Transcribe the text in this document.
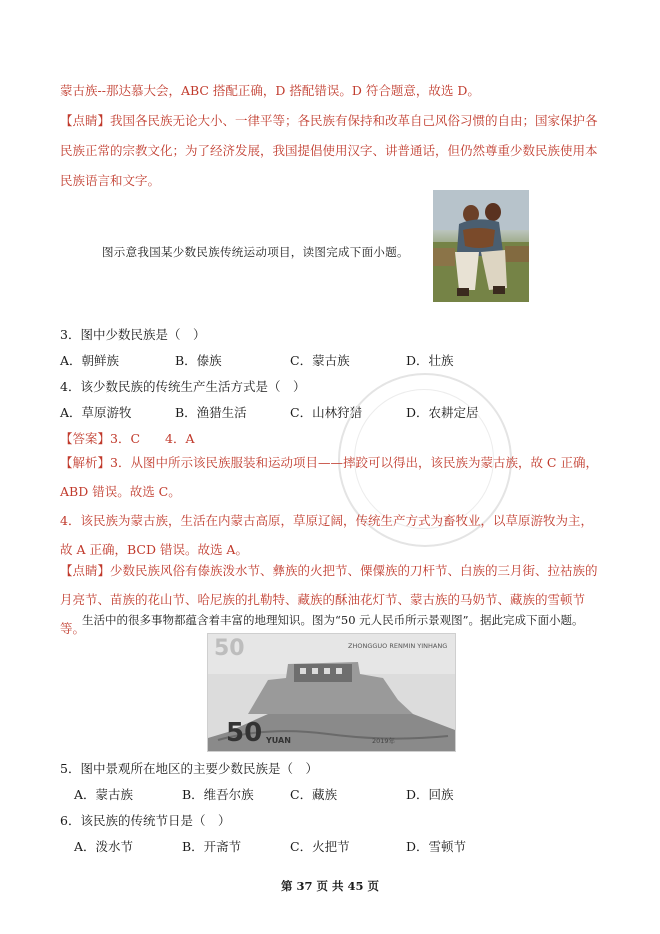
蒙古族--那达慕大会，ABC 搭配正确，D 搭配错误。D 符合题意，故选 D。
【点睛】我国各民族无论大小、一律平等；各民族有保持和改革自己风俗习惯的自由；国家保护各民族正常的宗教文化；为了经济发展，我国提倡使用汉字、讲普通话，但仍然尊重少数民族使用本民族语言和文字。
图示意我国某少数民族传统运动项目，读图完成下面小题。
3．图中少数民族是（　）
A．朝鲜族	B．傣族	C．蒙古族	D．壮族
4．该少数民族的传统生产生活方式是（　）
A．草原游牧	B．渔猎生活	C．山林狩猎	D．农耕定居
【答案】3．C　　4．A
【解析】3．从图中所示该民族服装和运动项目——摔跤可以得出，该民族为蒙古族，故 C 正确， ABD 错误。故选 C。
4．该民族为蒙古族，生活在内蒙古高原，草原辽阔，传统生产方式为畜牧业，以草原游牧为主，故 A 正确，BCD 错误。故选 A。
【点睛】少数民族风俗有傣族泼水节、彝族的火把节、傈僳族的刀杆节、白族的三月街、拉祜族的月亮节、苗族的花山节、哈尼族的扎勒特、藏族的酥油花灯节、蒙古族的马奶节、藏族的雪顿节等。
生活中的很多事物都蕴含着丰富的地理知识。图为“50 元人民币所示景观图”。据此完成下面小题。
50	ZHONGGUO RENMIN YINHANG
50 YUAN	2019年
5．图中景观所在地区的主要少数民族是（　）
A．蒙古族	B．维吾尔族	C．藏族	D．回族
6．该民族的传统节日是（　）
A．泼水节	B．开斋节	C．火把节	D．雪顿节
第 37 页 共 45 页
